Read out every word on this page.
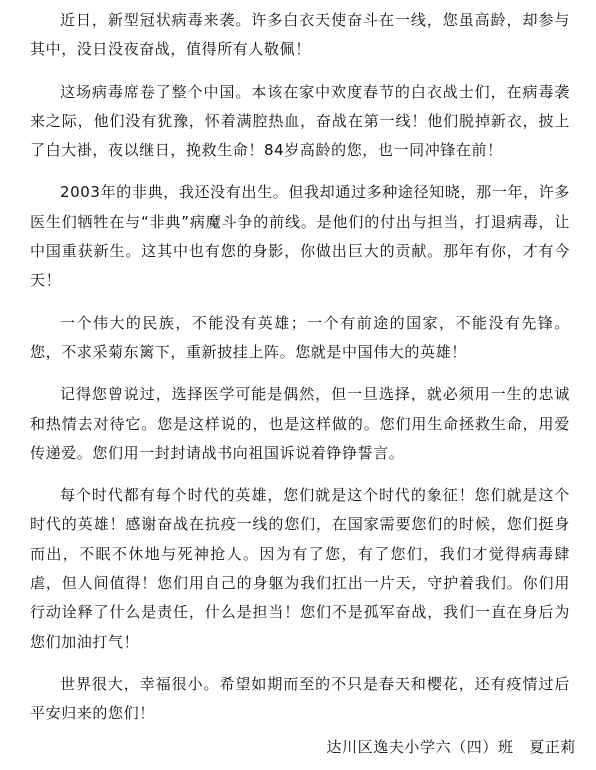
近日，新型冠状病毒来袭。许多白衣天使奋斗在一线，您虽高龄，却参与其中，没日没夜奋战，值得所有人敬佩！

这场病毒席卷了整个中国。本该在家中欢度春节的白衣战士们，在病毒袭来之际，他们没有犹豫，怀着满腔热血，奋战在第一线！他们脱掉新衣，披上了白大褂，夜以继日，挽救生命！84岁高龄的您，也一同冲锋在前！

2003年的非典，我还没有出生。但我却通过多种途径知晓，那一年，许多医生们牺牲在与“非典”病魔斗争的前线。是他们的付出与担当，打退病毒，让中国重获新生。这其中也有您的身影，你做出巨大的贡献。那年有你，才有今天！

一个伟大的民族，不能没有英雄；一个有前途的国家，不能没有先锋。您，不求采菊东篱下，重新披挂上阵。您就是中国伟大的英雄！

记得您曾说过，选择医学可能是偶然，但一旦选择，就必须用一生的忠诚和热情去对待它。您是这样说的，也是这样做的。您们用生命拯救生命，用爱传递爱。您们用一封封请战书向祖国诉说着铮铮誓言。

每个时代都有每个时代的英雄，您们就是这个时代的象征！您们就是这个时代的英雄！感谢奋战在抗疫一线的您们，在国家需要您们的时候，您们挺身而出，不眠不休地与死神抢人。因为有了您，有了您们，我们才觉得病毒肆虐，但人间值得！您们用自己的身躯为我们扛出一片天，守护着我们。你们用行动诠释了什么是责任，什么是担当！您们不是孤军奋战，我们一直在身后为您们加油打气！

世界很大，幸福很小。希望如期而至的不只是春天和樱花，还有疫情过后平安归来的您们！

达川区逸夫小学六（四）班　夏正莉
